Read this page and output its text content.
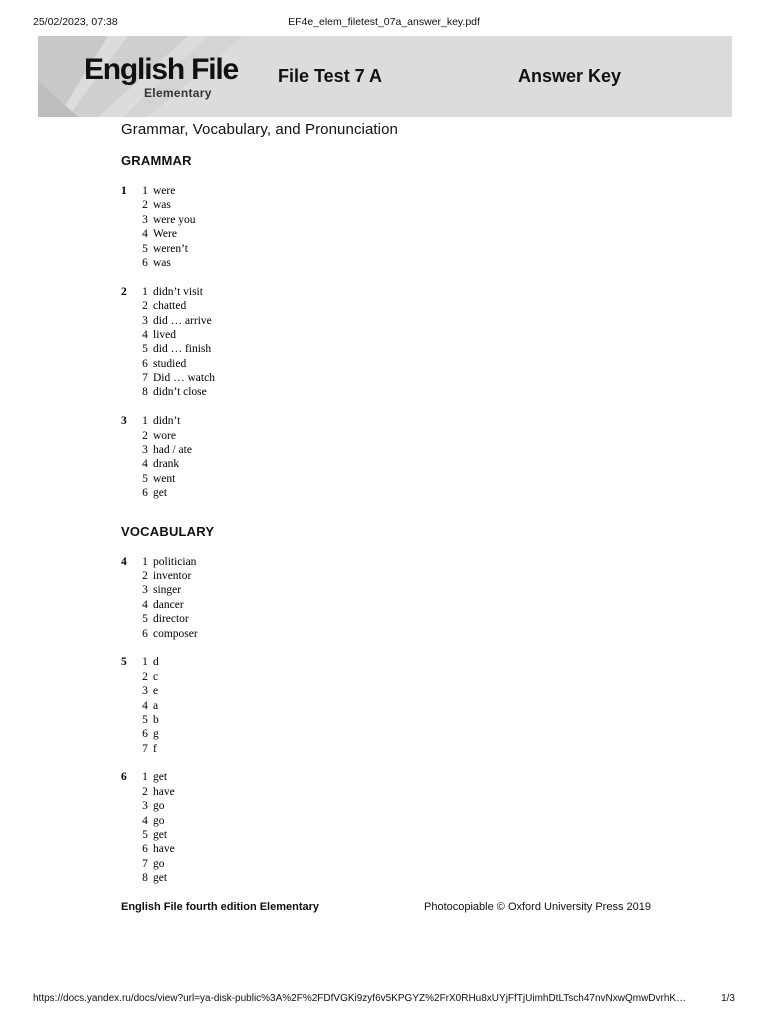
25/02/2023, 07:38	EF4e_elem_filetest_07a_answer_key.pdf
English File
Elementary
File Test 7 A	Answer Key
Grammar, Vocabulary, and Pronunciation
GRAMMAR
1	1 were
2 was
3 were you
4 Were
5 weren’t
6 was
2	1 didn’t visit
2 chatted
3 did … arrive
4 lived
5 did … finish
6 studied
7 Did … watch
8 didn’t close
3	1 didn’t
2 wore
3 had / ate
4 drank
5 went
6 get
VOCABULARY
4	1 politician
2 inventor
3 singer
4 dancer
5 director
6 composer
5	1 d
2 c
3 e
4 a
5 b
6 g
7 f
6	1 get
2 have
3 go
4 go
5 get
6 have
7 go
8 get
English File fourth edition Elementary	Photocopiable © Oxford University Press 2019
https://docs.yandex.ru/docs/view?url=ya-disk-public%3A%2F%2FDfVGKi9zyf6v5KPGYZ%2FrX0RHu8xUYjFfTjUimhDtLTsch47nvNxwQmwDvrhK…	1/3
